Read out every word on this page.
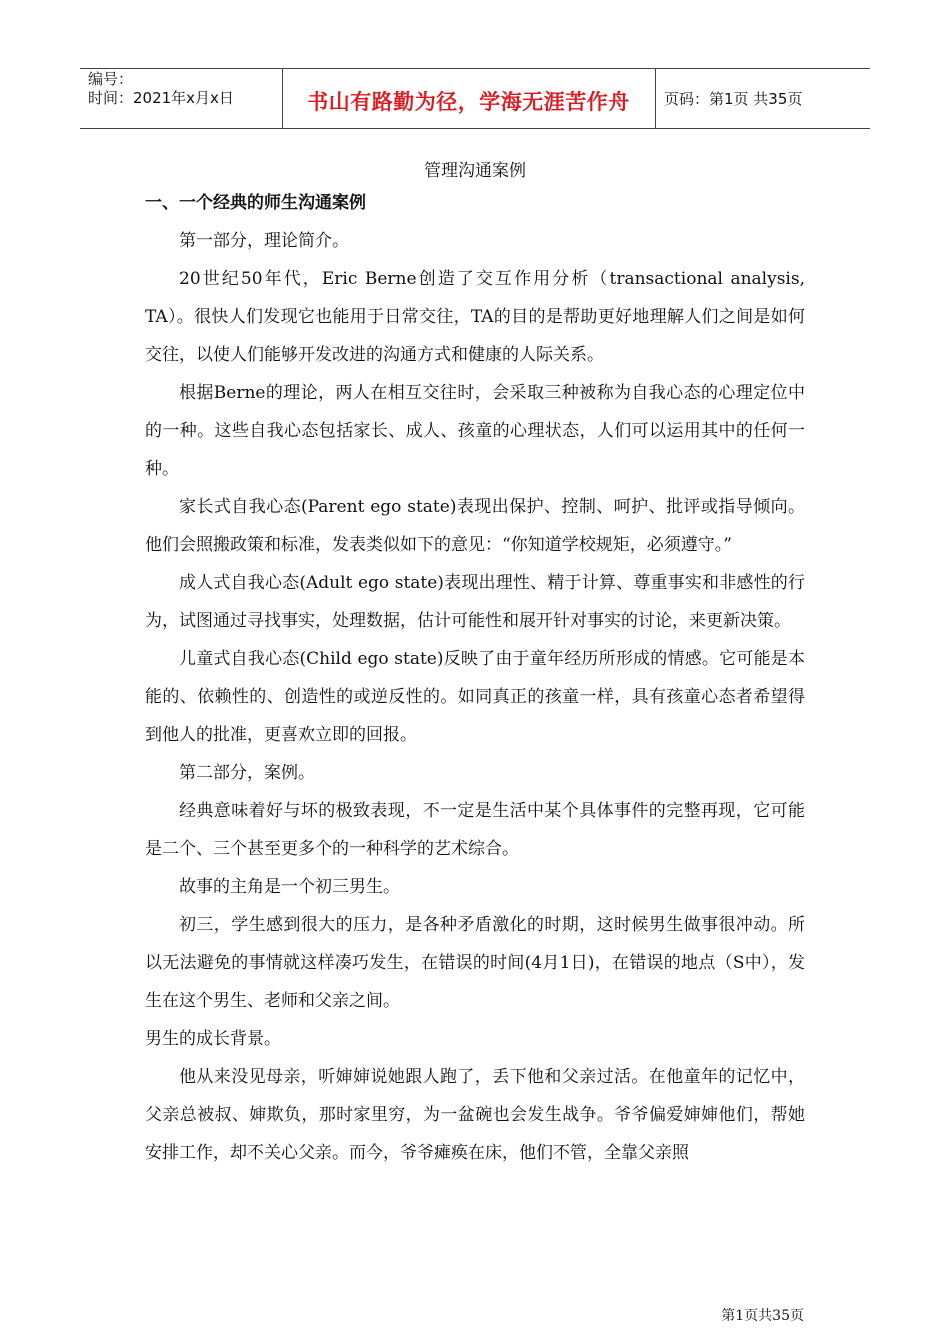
编号：
时间：2021年x月x日	书山有路勤为径，学海无涯苦作舟	页码：第1页 共35页
管理沟通案例
一、一个经典的师生沟通案例

第一部分，理论简介。

20世纪50年代，Eric Berne创造了交互作用分析（transactional analysis, TA）。很快人们发现它也能用于日常交往，TA的目的是帮助更好地理解人们之间是如何交往，以使人们能够开发改进的沟通方式和健康的人际关系。

根据Berne的理论，两人在相互交往时，会采取三种被称为自我心态的心理定位中的一种。这些自我心态包括家长、成人、孩童的心理状态，人们可以运用其中的任何一种。

家长式自我心态(Parent ego state)表现出保护、控制、呵护、批评或指导倾向。他们会照搬政策和标准，发表类似如下的意见：“你知道学校规矩，必须遵守。”

成人式自我心态(Adult ego state)表现出理性、精于计算、尊重事实和非感性的行为，试图通过寻找事实，处理数据，估计可能性和展开针对事实的讨论，来更新决策。

儿童式自我心态(Child ego state)反映了由于童年经历所形成的情感。它可能是本能的、依赖性的、创造性的或逆反性的。如同真正的孩童一样，具有孩童心态者希望得到他人的批准，更喜欢立即的回报。

第二部分，案例。

经典意味着好与坏的极致表现，不一定是生活中某个具体事件的完整再现，它可能是二个、三个甚至更多个的一种科学的艺术综合。

故事的主角是一个初三男生。

初三，学生感到很大的压力，是各种矛盾激化的时期，这时候男生做事很冲动。所以无法避免的事情就这样凑巧发生，在错误的时间(4月1日)，在错误的地点（S中），发生在这个男生、老师和父亲之间。

男生的成长背景。

他从来没见母亲，听婶婶说她跟人跑了，丢下他和父亲过活。在他童年的记忆中，父亲总被叔、婶欺负，那时家里穷，为一盆碗也会发生战争。爷爷偏爱婶婶他们，帮她安排工作，却不关心父亲。而今，爷爷瘫痪在床，他们不管，全靠父亲照

第1页共35页
